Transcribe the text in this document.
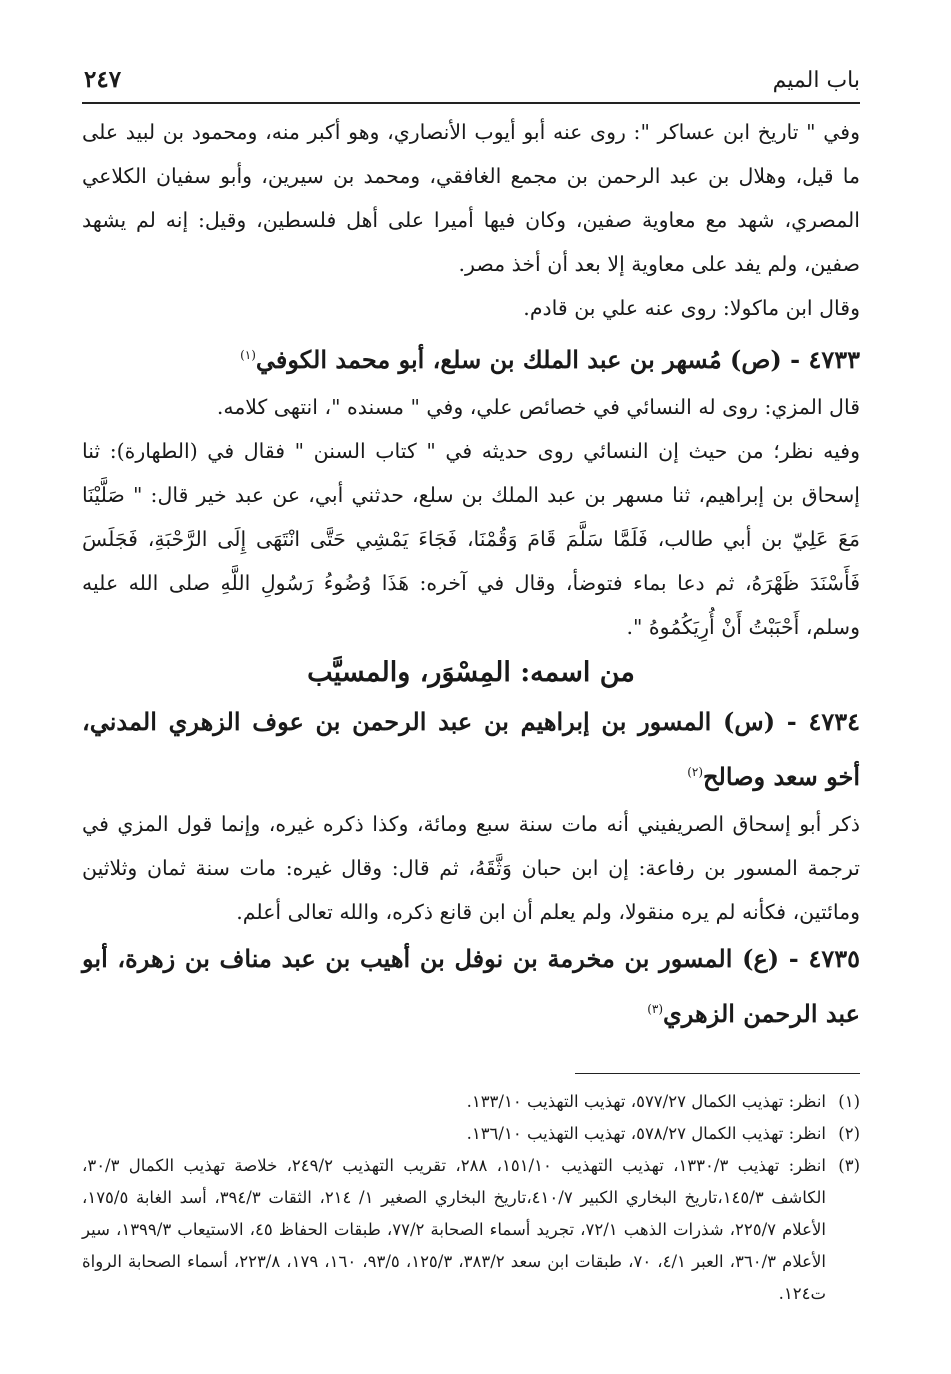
باب الميم
٢٤٧

وفي " تاريخ ابن عساكر ": روى عنه أبو أيوب الأنصاري، وهو أكبر منه، ومحمود بن لبيد على ما قيل، وهلال بن عبد الرحمن بن مجمع الغافقي، ومحمد بن سيرين، وأبو سفيان الكلاعي المصري، شهد مع معاوية صفين، وكان فيها أميرا على أهل فلسطين، وقيل: إنه لم يشهد صفين، ولم يفد على معاوية إلا بعد أن أخذ مصر.

وقال ابن ماكولا: روى عنه علي بن قادم.

٤٧٣٣ - (ص) مُسهر بن عبد الملك بن سلع، أبو محمد الكوفي$^{(١)}$

قال المزي: روى له النسائي في خصائص علي، وفي " مسنده "، انتهى كلامه.

وفيه نظر؛ من حيث إن النسائي روى حديثه في " كتاب السنن " فقال في (الطهارة): ثنا إسحاق بن إبراهيم، ثنا مسهر بن عبد الملك بن سلع، حدثني أبي، عن عبد خير قال: " صَلَّيْنَا مَعَ عَلِيّ بن أبي طالب، فَلَمَّا سَلَّمَ قَامَ وَقُمْنَا، فَجَاءَ يَمْشِي حَتَّى انْتَهَى إِلَى الرَّحْبَةِ، فَجَلَسَ فَأَسْنَدَ ظَهْرَهُ، ثم دعا بماء فتوضأ، وقال في آخره: هَذَا وُضُوءُ رَسُولِ اللَّهِ صلى الله عليه وسلم، أَحْبَبْتُ أَنْ أُرِيَكُمُوهُ ".

من اسمه: المِسْوَر، والمسيَّب

٤٧٣٤ - (س) المسور بن إبراهيم بن عبد الرحمن بن عوف الزهري المدني، أخو سعد وصالح$^{(٢)}$

ذكر أبو إسحاق الصريفيني أنه مات سنة سبع ومائة، وكذا ذكره غيره، وإنما قول المزي في ترجمة المسور بن رفاعة: إن ابن حبان وَثَّقَهُ، ثم قال: وقال غيره: مات سنة ثمان وثلاثين ومائتين، فكأنه لم يره منقولا، ولم يعلم أن ابن قانع ذكره، والله تعالى أعلم.

٤٧٣٥ - (ع) المسور بن مخرمة بن نوفل بن أهيب بن عبد مناف بن زهرة، أبو عبد الرحمن الزهري$^{(٣)}$

(١)
انظر: تهذيب الكمال ٥٧٧/٢٧، تهذيب التهذيب ١٣٣/١٠.
(٢)
انظر: تهذيب الكمال ٥٧٨/٢٧، تهذيب التهذيب ١٣٦/١٠.
(٣)
انظر: تهذيب ١٣٣٠/٣، تهذيب التهذيب ١٥١/١٠، ٢٨٨، تقريب التهذيب ٢٤٩/٢، خلاصة تهذيب الكمال ٣٠/٣، الكاشف ١٤٥/٣،تاريخ البخاري الكبير ٤١٠/٧،تاريخ البخاري الصغير ١/ ٢١٤، الثقات ٣٩٤/٣، أسد الغابة ١٧٥/٥، الأعلام ٢٢٥/٧، شذرات الذهب ٧٢/١، تجريد أسماء الصحابة ٧٧/٢، طبقات الحفاظ ٤٥، الاستيعاب ١٣٩٩/٣، سير الأعلام ٣٦٠/٣، العبر ٤/١، ٧٠، طبقات ابن سعد ٣٨٣/٢، ١٢٥/٣، ٩٣/٥، ١٦٠، ١٧٩، ٢٢٣/٨، أسماء الصحابة الرواة ت١٢٤.
